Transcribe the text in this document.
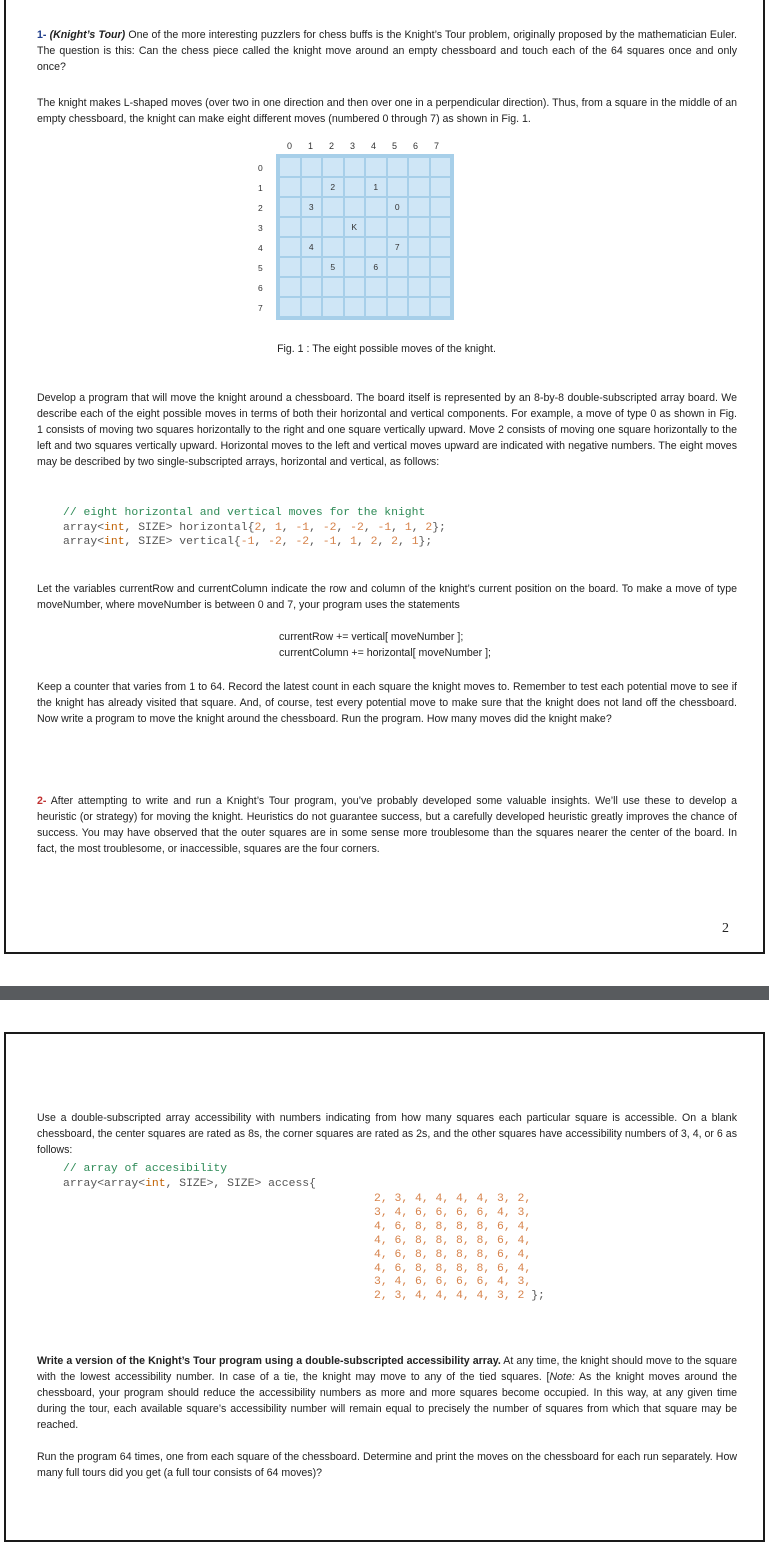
1- (Knight’s Tour) One of the more interesting puzzlers for chess buffs is the Knight’s Tour problem, originally proposed by the mathematician Euler. The question is this: Can the chess piece called the knight move around an empty chessboard and touch each of the 64 squares once and only once?

The knight makes L-shaped moves (over two in one direction and then over one in a perpendicular direction). Thus, from a square in the middle of an empty chessboard, the knight can make eight different moves (numbered 0 through 7) as shown in Fig. 1.

0 1 2 3 4 5 6 7
0
1
2
3
4
5
6
7
2	1
3	0
K
4	7
5	6

Fig. 1 : The eight possible moves of the knight.

Develop a program that will move the knight around a chessboard. The board itself is represented by an 8-by-8 double-subscripted array board. We describe each of the eight possible moves in terms of both their horizontal and vertical components. For example, a move of type 0 as shown in Fig. 1 consists of moving two squares horizontally to the right and one square vertically upward. Move 2 consists of moving one square horizontally to the left and two squares vertically upward. Horizontal moves to the left and vertical moves upward are indicated with negative numbers. The eight moves may be described by two single-subscripted arrays, horizontal and vertical, as follows:

// eight horizontal and vertical moves for the knight
array<int, SIZE> horizontal{2, 1, -1, -2, -2, -1, 1, 2};
array<int, SIZE> vertical{-1, -2, -2, -1, 1, 2, 2, 1};

Let the variables currentRow and currentColumn indicate the row and column of the knight’s current position on the board. To make a move of type moveNumber, where moveNumber is between 0 and 7, your program uses the statements

currentRow += vertical[ moveNumber ];

currentColumn += horizontal[ moveNumber ];

Keep a counter that varies from 1 to 64. Record the latest count in each square the knight moves to. Remember to test each potential move to see if the knight has already visited that square. And, of course, test every potential move to make sure that the knight does not land off the chessboard. Now write a program to move the knight around the chessboard. Run the program. How many moves did the knight make?

2- After attempting to write and run a Knight’s Tour program, you’ve probably developed some valuable insights. We’ll use these to develop a heuristic (or strategy) for moving the knight. Heuristics do not guarantee success, but a carefully developed heuristic greatly improves the chance of success. You may have observed that the outer squares are in some sense more troublesome than the squares nearer the center of the board. In fact, the most troublesome, or inaccessible, squares are the four corners.

2

Use a double-subscripted array accessibility with numbers indicating from how many squares each particular square is accessible. On a blank chessboard, the center squares are rated as 8s, the corner squares are rated as 2s, and the other squares have accessibility numbers of 3, 4, or 6 as follows:

// array of accesibility
array<array<int, SIZE>, SIZE> access{
2, 3, 4, 4, 4, 4, 3, 2,
3, 4, 6, 6, 6, 6, 4, 3,
4, 6, 8, 8, 8, 8, 6, 4,
4, 6, 8, 8, 8, 8, 6, 4,
4, 6, 8, 8, 8, 8, 6, 4,
4, 6, 8, 8, 8, 8, 6, 4,
3, 4, 6, 6, 6, 6, 4, 3,
2, 3, 4, 4, 4, 4, 3, 2 };

Write a version of the Knight’s Tour program using a double-subscripted accessibility array. At any time, the knight should move to the square with the lowest accessibility number. In case of a tie, the knight may move to any of the tied squares. [Note: As the knight moves around the chessboard, your program should reduce the accessibility numbers as more and more squares become occupied. In this way, at any given time during the tour, each available square’s accessibility number will remain equal to precisely the number of squares from which that square may be reached.

Run the program 64 times, one from each square of the chessboard. Determine and print the moves on the chessboard for each run separately. How many full tours did you get (a full tour consists of 64 moves)?
